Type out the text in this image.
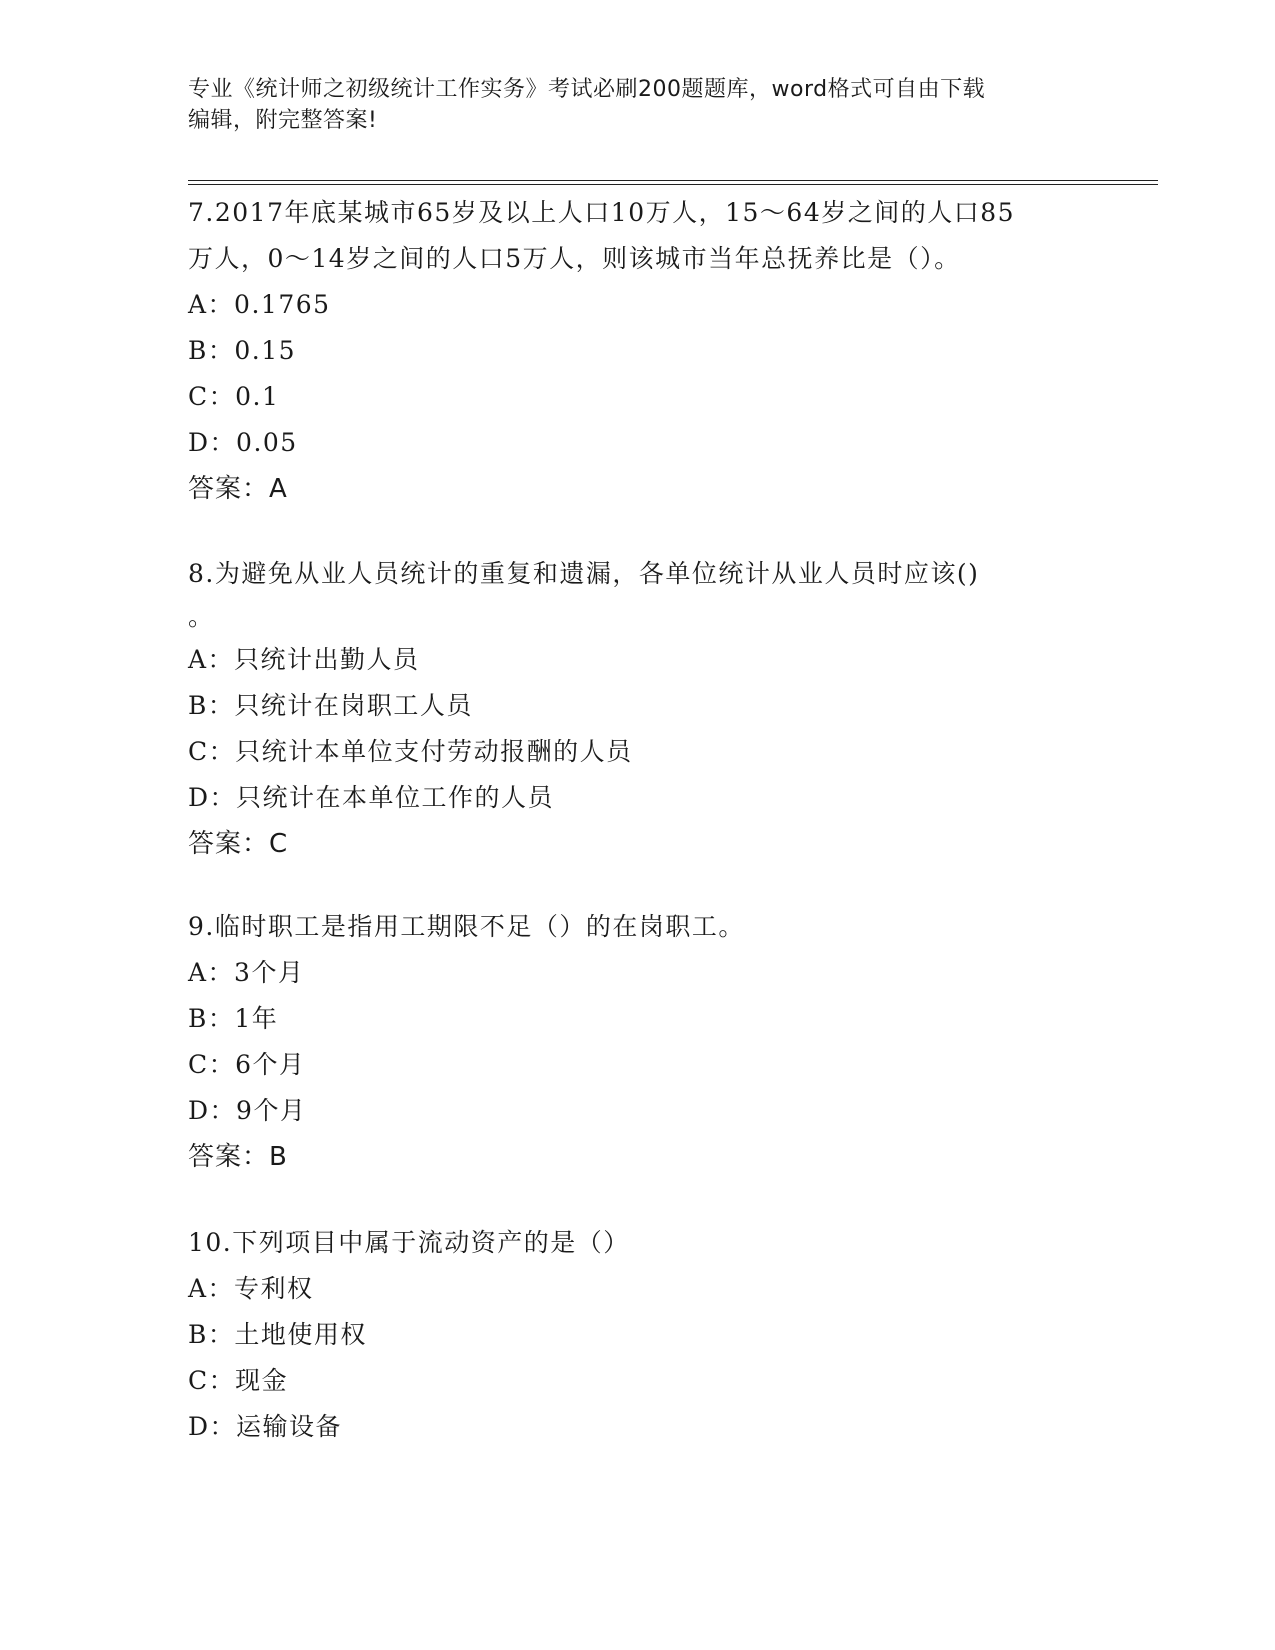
专业《统计师之初级统计工作实务》考试必刷200题题库，word格式可自由下载
编辑，附完整答案!
7.2017年底某城市65岁及以上人口10万人，15～64岁之间的人口85
万人，0～14岁之间的人口5万人，则该城市当年总抚养比是（）。
A：0.1765
B：0.15
C：0.1
D：0.05
答案：A
8.为避免从业人员统计的重复和遗漏，各单位统计从业人员时应该()
。
A：只统计出勤人员
B：只统计在岗职工人员
C：只统计本单位支付劳动报酬的人员
D：只统计在本单位工作的人员
答案：C
9.临时职工是指用工期限不足（）的在岗职工。
A：3个月
B：1年
C：6个月
D：9个月
答案：B
10.下列项目中属于流动资产的是（）
A：专利权
B：土地使用权
C：现金
D：运输设备
